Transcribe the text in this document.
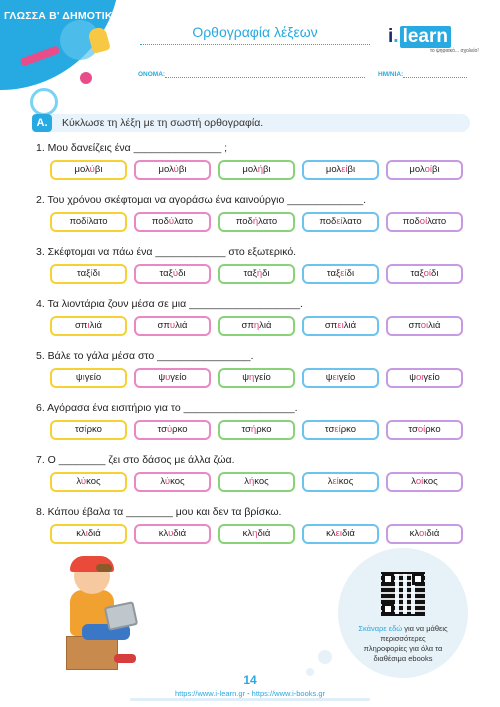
ΓΛΩΣΣΑ Β' ΔΗΜΟΤΙΚΟΥ
Ορθογραφία λέξεων	i . learn
το ψηφιακό... σχολείο!
ΟΝΟΜΑ:	ΗΜ/ΝΙΑ:
Α.	Κύκλωσε τη λέξη με τη σωστή ορθογραφία.
1. Μου δανείζεις ένα _______________ ;
μολύβι	μολύβι	μολήβι	μολείβι	μολοίβι
2. Του χρόνου σκέφτομαι να αγοράσω ένα καινούργιο _____________.
ποδίλατο	ποδύλατο	ποδήλατο	ποδείλατο	ποδοίλατο
3. Σκέφτομαι να πάω ένα ____________ στο εξωτερικό.
ταξίδι	ταξύδι	ταξήδι	ταξείδι	ταξοίδι
4. Τα λιοντάρια ζουν μέσα σε μια ___________________.
σπιλιά	σπυλιά	σπηλιά	σπειλιά	σποιλιά
5. Βάλε το γάλα μέσα στο ________________.
ψιγείο	ψυγείο	ψηγείο	ψειγείο	ψοιγείο
6. Αγόρασα ένα εισιτήριο για το ___________________.
τσίρκο	τσύρκο	τσήρκο	τσείρκο	τσοίρκο
7. Ο ________ ζει στο δάσος με άλλα ζώα.
λύκος	λύκος	λήκος	λείκος	λοίκος
8. Κάπου έβαλα τα ________ μου και δεν τα βρίσκω.
κλιδιά	κλυδιά	κληδιά	κλειδιά	κλοιδιά
Σκάναρε εδώ για να μάθεις περισσότερες πληροφορίες για όλα τα διαθέσιμα ebooks
14
https://www.i-learn.gr - https://www.i-books.gr
